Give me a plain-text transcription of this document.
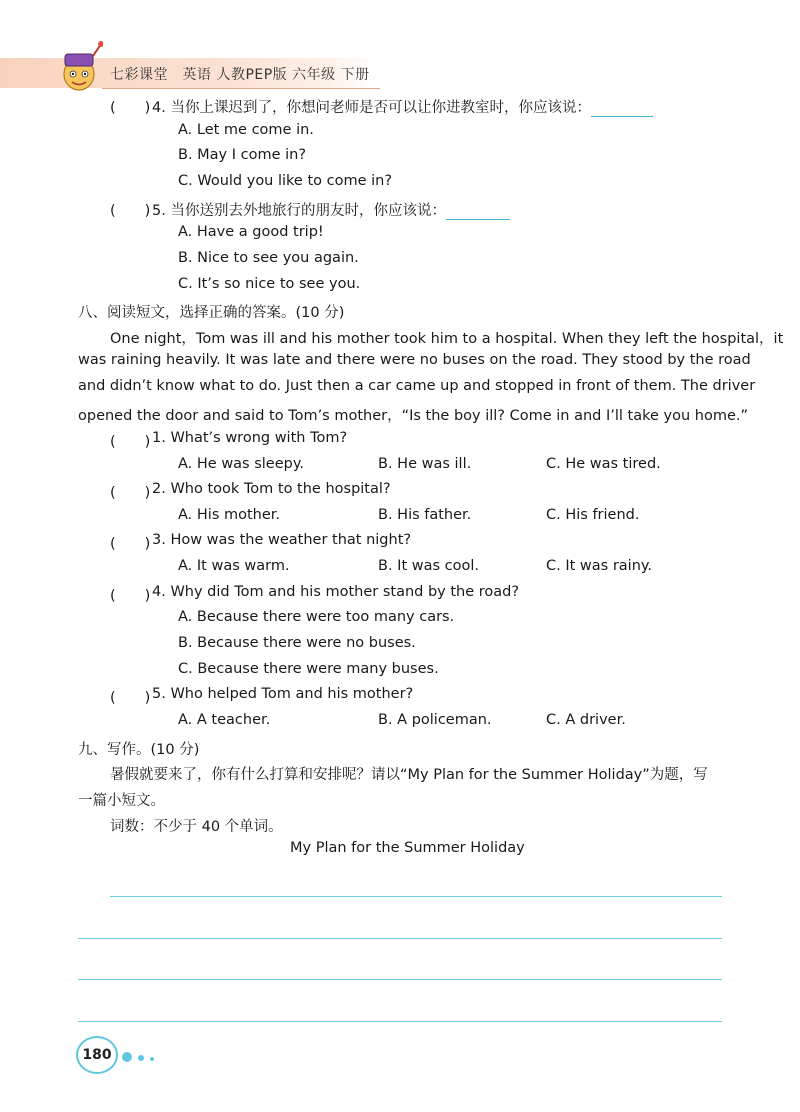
七彩课堂　英语 人教PEP版 六年级 下册
(　　) 4. 当你上课迟到了，你想问老师是否可以让你进教室时，你应该说：
A. Let me come in.
B. May I come in?
C. Would you like to come in?
(　　) 5. 当你送别去外地旅行的朋友时，你应该说：
A. Have a good trip!
B. Nice to see you again.
C. It’s so nice to see you.
八、阅读短文，选择正确的答案。(10 分)
One night，Tom was ill and his mother took him to a hospital. When they left the hospital，it
was raining heavily. It was late and there were no buses on the road. They stood by the road
and didn’t know what to do. Just then a car came up and stopped in front of them. The driver
opened the door and said to Tom’s mother，“Is the boy ill? Come in and I’ll take you home.”
(　　) 1. What’s wrong with Tom?
A. He was sleepy.	B. He was ill.	C. He was tired.
(　　) 2. Who took Tom to the hospital?
A. His mother.	B. His father.	C. His friend.
(　　) 3. How was the weather that night?
A. It was warm.	B. It was cool.	C. It was rainy.
(　　) 4. Why did Tom and his mother stand by the road?
A. Because there were too many cars.
B. Because there were no buses.
C. Because there were many buses.
(　　) 5. Who helped Tom and his mother?
A. A teacher.	B. A policeman.	C. A driver.
九、写作。(10 分)
暑假就要来了，你有什么打算和安排呢？请以“My Plan for the Summer Holiday”为题，写
一篇小短文。
词数：不少于 40 个单词。
My Plan for the Summer Holiday
180
